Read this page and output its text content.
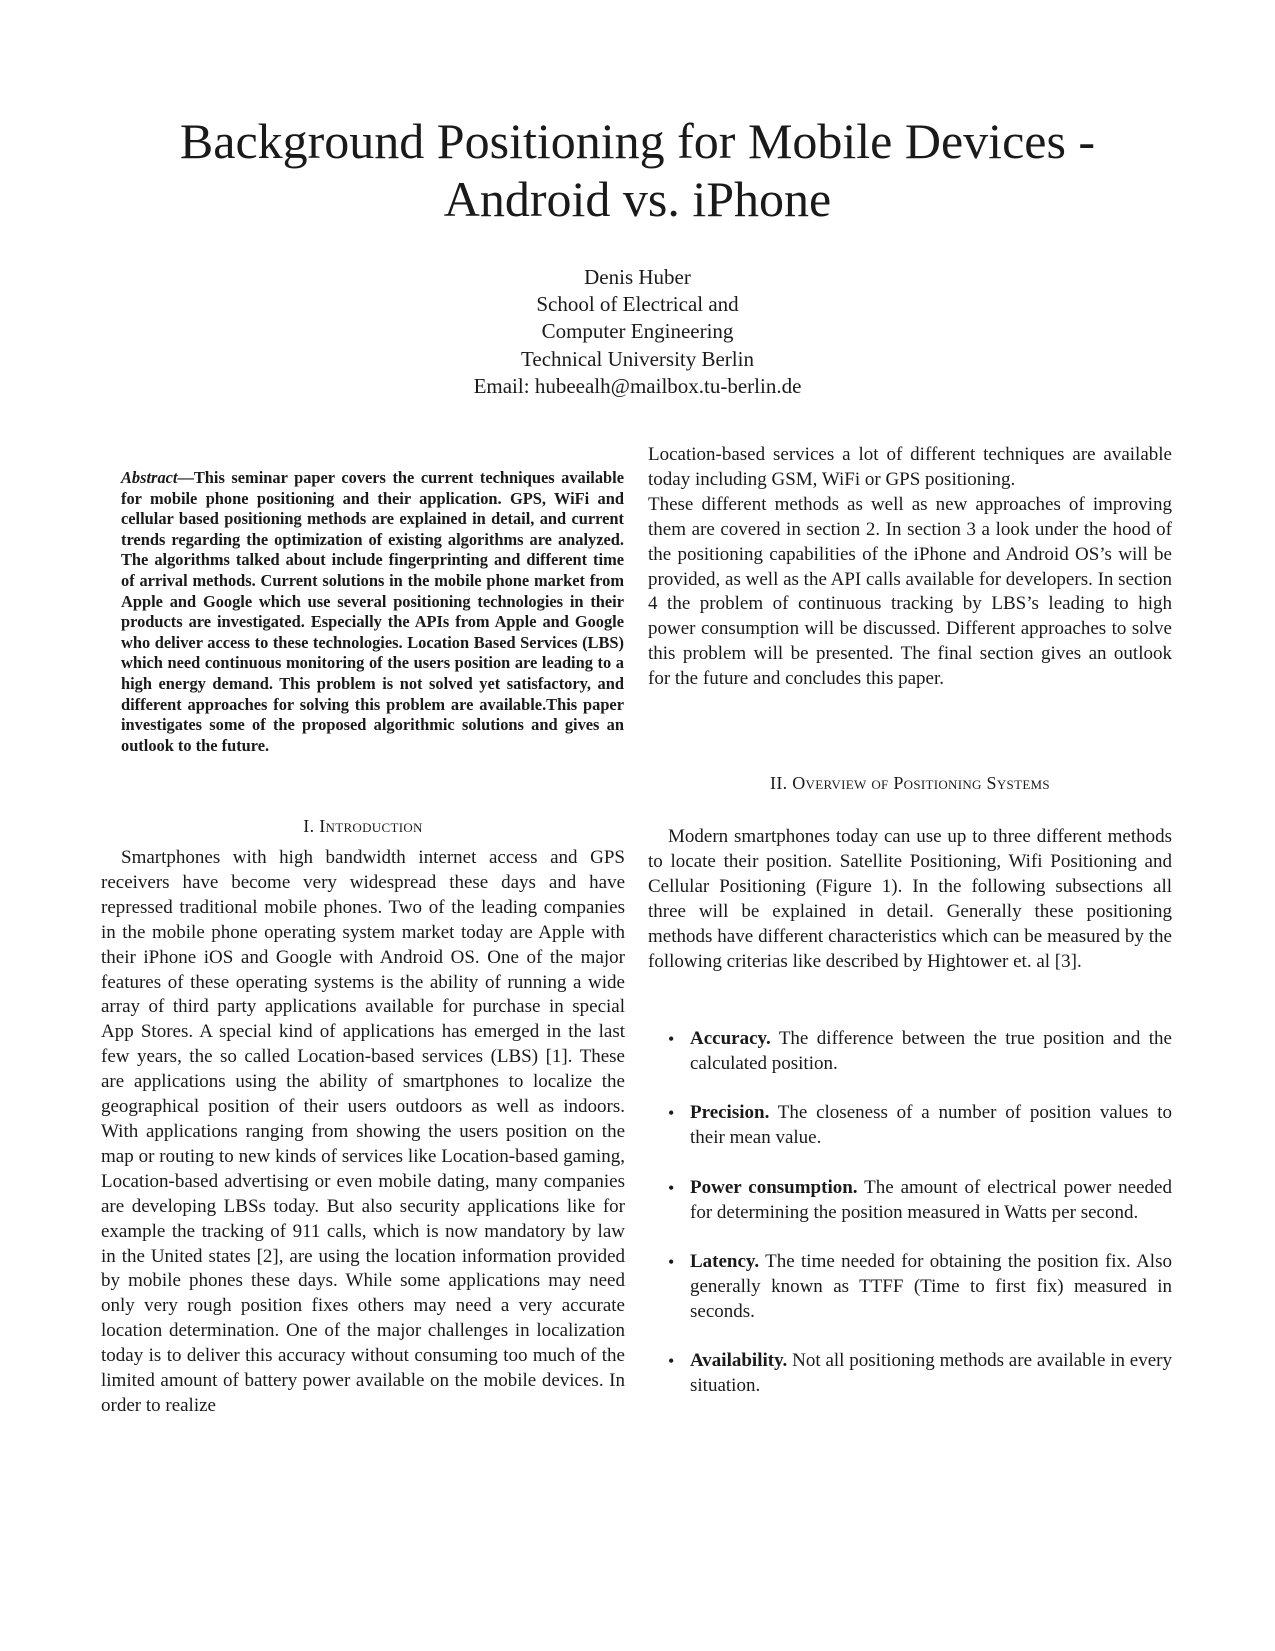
Background Positioning for Mobile Devices -
Android vs. iPhone
Denis Huber
School of Electrical and
Computer Engineering
Technical University Berlin
Email: hubeealh@mailbox.tu-berlin.de
Abstract—This seminar paper covers the current techniques available for mobile phone positioning and their application. GPS, WiFi and cellular based positioning methods are explained in detail, and current trends regarding the optimization of existing algorithms are analyzed. The algorithms talked about include fingerprinting and different time of arrival methods. Current solutions in the mobile phone market from Apple and Google which use several positioning technologies in their products are investigated. Especially the APIs from Apple and Google who deliver access to these technologies. Location Based Services (LBS) which need continuous monitoring of the users position are leading to a high energy demand. This problem is not solved yet satisfactory, and different approaches for solving this problem are available.This paper investigates some of the proposed algorithmic solutions and gives an outlook to the future.
I. Introduction

Smartphones with high bandwidth internet access and GPS receivers have become very widespread these days and have repressed traditional mobile phones. Two of the leading companies in the mobile phone operating system market today are Apple with their iPhone iOS and Google with Android OS. One of the major features of these operating systems is the ability of running a wide array of third party applications available for purchase in special App Stores. A special kind of applications has emerged in the last few years, the so called Location-based services (LBS) [1]. These are applications using the ability of smartphones to localize the geographical position of their users outdoors as well as indoors. With applications ranging from showing the users position on the map or routing to new kinds of services like Location-based gaming, Location-based advertising or even mobile dating, many companies are developing LBSs today. But also security applications like for example the tracking of 911 calls, which is now mandatory by law in the United states [2], are using the location information provided by mobile phones these days. While some applications may need only very rough position fixes others may need a very accurate location determination. One of the major challenges in localization today is to deliver this accuracy without consuming too much of the limited amount of battery power available on the mobile devices. In order to realize

Location-based services a lot of different techniques are available today including GSM, WiFi or GPS positioning.

These different methods as well as new approaches of improving them are covered in section 2. In section 3 a look under the hood of the positioning capabilities of the iPhone and Android OS’s will be provided, as well as the API calls available for developers. In section 4 the problem of continuous tracking by LBS’s leading to high power consumption will be discussed. Different approaches to solve this problem will be presented. The final section gives an outlook for the future and concludes this paper.

II. Overview of Positioning Systems

Modern smartphones today can use up to three different methods to locate their position. Satellite Positioning, Wifi Positioning and Cellular Positioning (Figure 1). In the following subsections all three will be explained in detail. Generally these positioning methods have different characteristics which can be measured by the following criterias like described by Hightower et. al [3].

• Accuracy. The difference between the true position and the calculated position.
• Precision. The closeness of a number of position values to their mean value.
• Power consumption. The amount of electrical power needed for determining the position measured in Watts per second.
• Latency. The time needed for obtaining the position fix. Also generally known as TTFF (Time to first fix) measured in seconds.
• Availability. Not all positioning methods are available in every situation.
